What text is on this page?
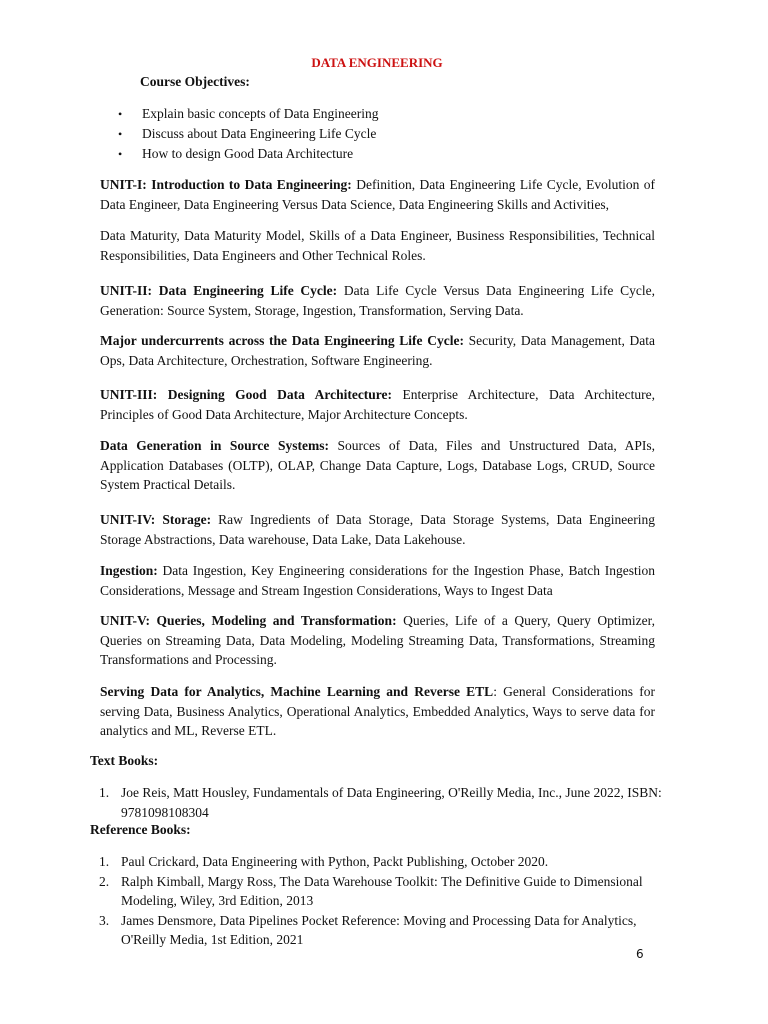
DATA ENGINEERING
Course Objectives:
• Explain basic concepts of Data Engineering
• Discuss about Data Engineering Life Cycle
• How to design Good Data Architecture

UNIT-I: Introduction to Data Engineering: Definition, Data Engineering Life Cycle, Evolution of Data Engineer, Data Engineering Versus Data Science, Data Engineering Skills and Activities,

Data Maturity, Data Maturity Model, Skills of a Data Engineer, Business Responsibilities, Technical Responsibilities, Data Engineers and Other Technical Roles.

UNIT-II: Data Engineering Life Cycle: Data Life Cycle Versus Data Engineering Life Cycle, Generation: Source System, Storage, Ingestion, Transformation, Serving Data.

Major undercurrents across the Data Engineering Life Cycle: Security, Data Management, Data Ops, Data Architecture, Orchestration, Software Engineering.

UNIT-III: Designing Good Data Architecture: Enterprise Architecture, Data Architecture, Principles of Good Data Architecture, Major Architecture Concepts.

Data Generation in Source Systems: Sources of Data, Files and Unstructured Data, APIs, Application Databases (OLTP), OLAP, Change Data Capture, Logs, Database Logs, CRUD, Source System Practical Details.

UNIT-IV: Storage: Raw Ingredients of Data Storage, Data Storage Systems, Data Engineering Storage Abstractions, Data warehouse, Data Lake, Data Lakehouse.

Ingestion: Data Ingestion, Key Engineering considerations for the Ingestion Phase, Batch Ingestion Considerations, Message and Stream Ingestion Considerations, Ways to Ingest Data

UNIT-V: Queries, Modeling and Transformation: Queries, Life of a Query, Query Optimizer, Queries on Streaming Data, Data Modeling, Modeling Streaming Data, Transformations, Streaming Transformations and Processing.

Serving Data for Analytics, Machine Learning and Reverse ETL: General Considerations for serving Data, Business Analytics, Operational Analytics, Embedded Analytics, Ways to serve data for analytics and ML, Reverse ETL.

Text Books:
1. Joe Reis, Matt Housley, Fundamentals of Data Engineering, O'Reilly Media, Inc., June 2022, ISBN: 9781098108304
Reference Books:
1. Paul Crickard, Data Engineering with Python, Packt Publishing, October 2020.
2. Ralph Kimball, Margy Ross, The Data Warehouse Toolkit: The Definitive Guide to Dimensional Modeling, Wiley, 3rd Edition, 2013
3. James Densmore, Data Pipelines Pocket Reference: Moving and Processing Data for Analytics, O'Reilly Media, 1st Edition, 2021
6
